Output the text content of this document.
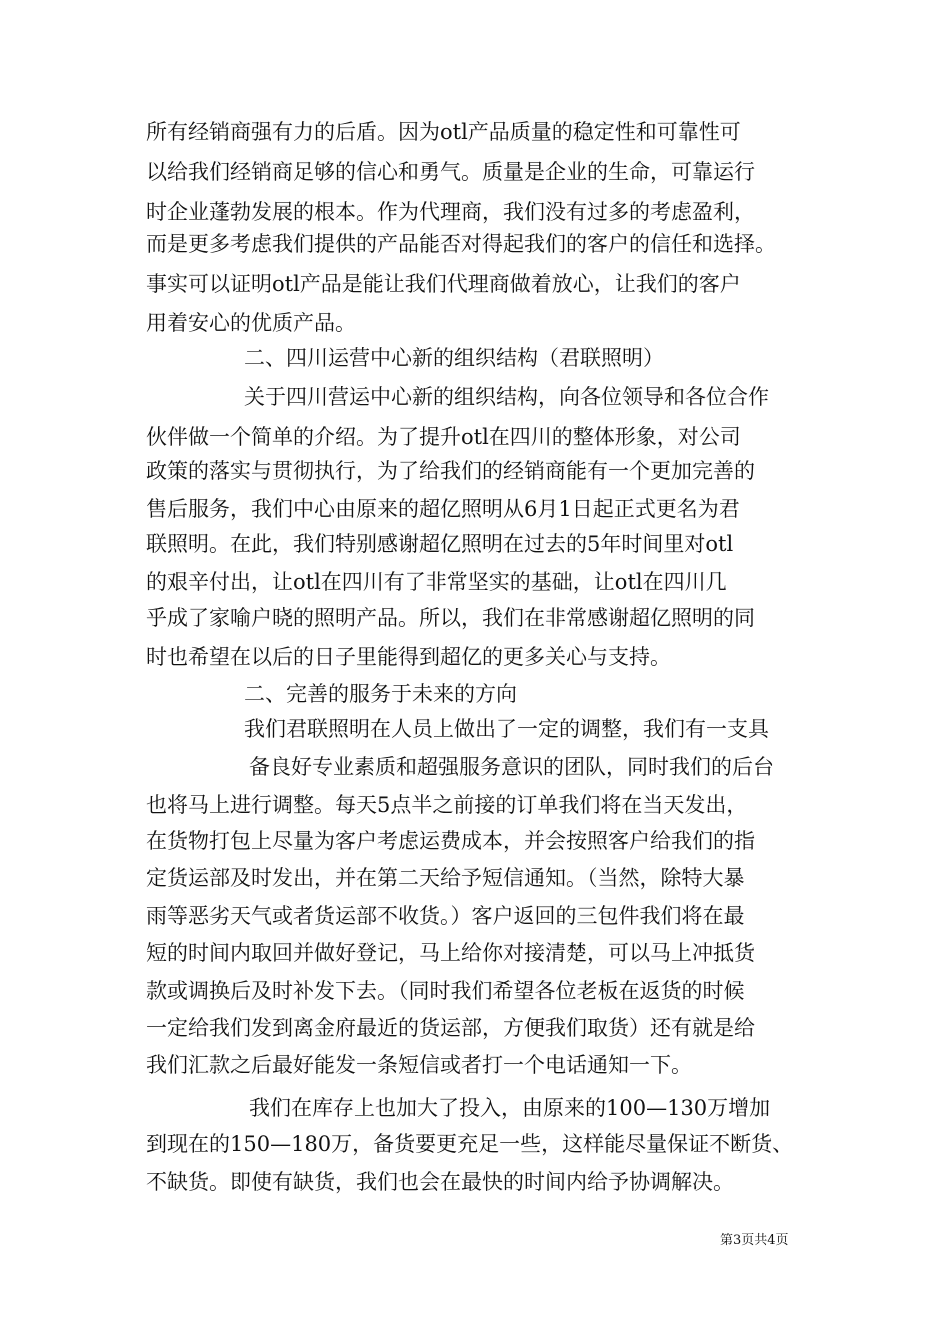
所有经销商强有力的后盾。因为otl产品质量的稳定性和可靠性可
以给我们经销商足够的信心和勇气。质量是企业的生命，可靠运行
时企业蓬勃发展的根本。作为代理商，我们没有过多的考虑盈利，
而是更多考虑我们提供的产品能否对得起我们的客户的信任和选择。
事实可以证明otl产品是能让我们代理商做着放心，让我们的客户
用着安心的优质产品。
二、四川运营中心新的组织结构（君联照明）
关于四川营运中心新的组织结构，向各位领导和各位合作
伙伴做一个简单的介绍。为了提升otl在四川的整体形象，对公司
政策的落实与贯彻执行，为了给我们的经销商能有一个更加完善的
售后服务，我们中心由原来的超亿照明从6月1日起正式更名为君
联照明。在此，我们特别感谢超亿照明在过去的5年时间里对otl
的艰辛付出，让otl在四川有了非常坚实的基础，让otl在四川几
乎成了家喻户晓的照明产品。所以，我们在非常感谢超亿照明的同
时也希望在以后的日子里能得到超亿的更多关心与支持。
二、完善的服务于未来的方向
我们君联照明在人员上做出了一定的调整，我们有一支具
备良好专业素质和超强服务意识的团队，同时我们的后台
也将马上进行调整。每天5点半之前接的订单我们将在当天发出，
在货物打包上尽量为客户考虑运费成本，并会按照客户给我们的指
定货运部及时发出，并在第二天给予短信通知。（当然，除特大暴
雨等恶劣天气或者货运部不收货。）客户返回的三包件我们将在最
短的时间内取回并做好登记，马上给你对接清楚，可以马上冲抵货
款或调换后及时补发下去。（同时我们希望各位老板在返货的时候
一定给我们发到离金府最近的货运部，方便我们取货）还有就是给
我们汇款之后最好能发一条短信或者打一个电话通知一下。
我们在库存上也加大了投入，由原来的100—130万增加
到现在的150—180万，备货要更充足一些，这样能尽量保证不断货、
不缺货。即使有缺货，我们也会在最快的时间内给予协调解决。
第3页共4页
